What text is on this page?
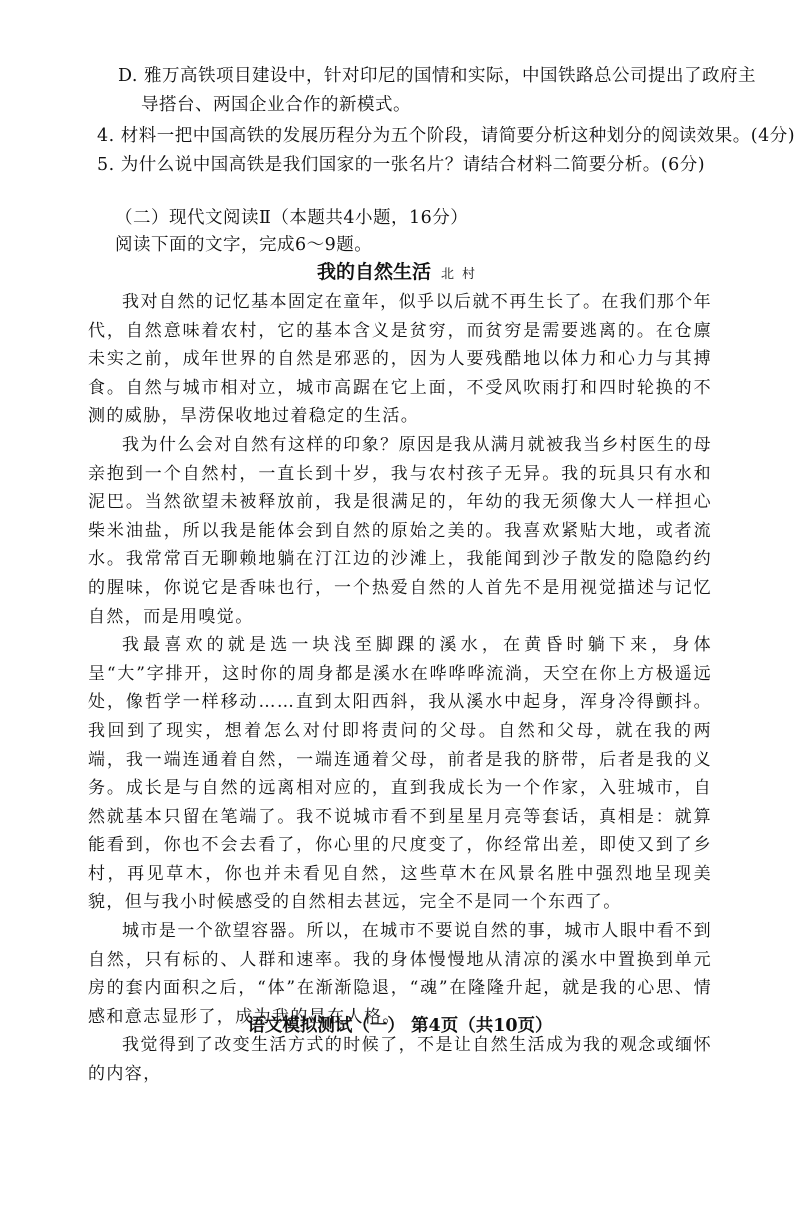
D. 雅万高铁项目建设中，针对印尼的国情和实际，中国铁路总公司提出了政府主
导搭台、两国企业合作的新模式。
4. 材料一把中国高铁的发展历程分为五个阶段，请简要分析这种划分的阅读效果。(4分)
5. 为什么说中国高铁是我们国家的一张名片？请结合材料二简要分析。(6分)
（二）现代文阅读Ⅱ（本题共4小题，16分）
阅读下面的文字，完成6～9题。
我的自然生活 北村

我对自然的记忆基本固定在童年，似乎以后就不再生长了。在我们那个年代，自然意味着农村，它的基本含义是贫穷，而贫穷是需要逃离的。在仓廪未实之前，成年世界的自然是邪恶的，因为人要残酷地以体力和心力与其搏食。自然与城市相对立，城市高踞在它上面，不受风吹雨打和四时轮换的不测的威胁，旱涝保收地过着稳定的生活。

我为什么会对自然有这样的印象？原因是我从满月就被我当乡村医生的母亲抱到一个自然村，一直长到十岁，我与农村孩子无异。我的玩具只有水和泥巴。当然欲望未被释放前，我是很满足的，年幼的我无须像大人一样担心柴米油盐，所以我是能体会到自然的原始之美的。我喜欢紧贴大地，或者流水。我常常百无聊赖地躺在汀江边的沙滩上，我能闻到沙子散发的隐隐约约的腥味，你说它是香味也行，一个热爱自然的人首先不是用视觉描述与记忆自然，而是用嗅觉。

我最喜欢的就是选一块浅至脚踝的溪水，在黄昏时躺下来，身体呈“大”字排开，这时你的周身都是溪水在哗哗哗流淌，天空在你上方极遥远处，像哲学一样移动……直到太阳西斜，我从溪水中起身，浑身冷得颤抖。我回到了现实，想着怎么对付即将责问的父母。自然和父母，就在我的两端，我一端连通着自然，一端连通着父母，前者是我的脐带，后者是我的义务。成长是与自然的远离相对应的，直到我成长为一个作家，入驻城市，自然就基本只留在笔端了。我不说城市看不到星星月亮等套话，真相是：就算能看到，你也不会去看了，你心里的尺度变了，你经常出差，即使又到了乡村，再见草木，你也并未看见自然，这些草木在风景名胜中强烈地呈现美貌，但与我小时候感受的自然相去甚远，完全不是同一个东西了。

城市是一个欲望容器。所以，在城市不要说自然的事，城市人眼中看不到自然，只有标的、人群和速率。我的身体慢慢地从清凉的溪水中置换到单元房的套内面积之后，“体”在渐渐隐退，“魂”在隆隆升起，就是我的心思、情感和意志显形了，成为我的显在人格。

我觉得到了改变生活方式的时候了，不是让自然生活成为我的观念或缅怀的内容，

语文模拟测试（一） 第4页（共10页）
